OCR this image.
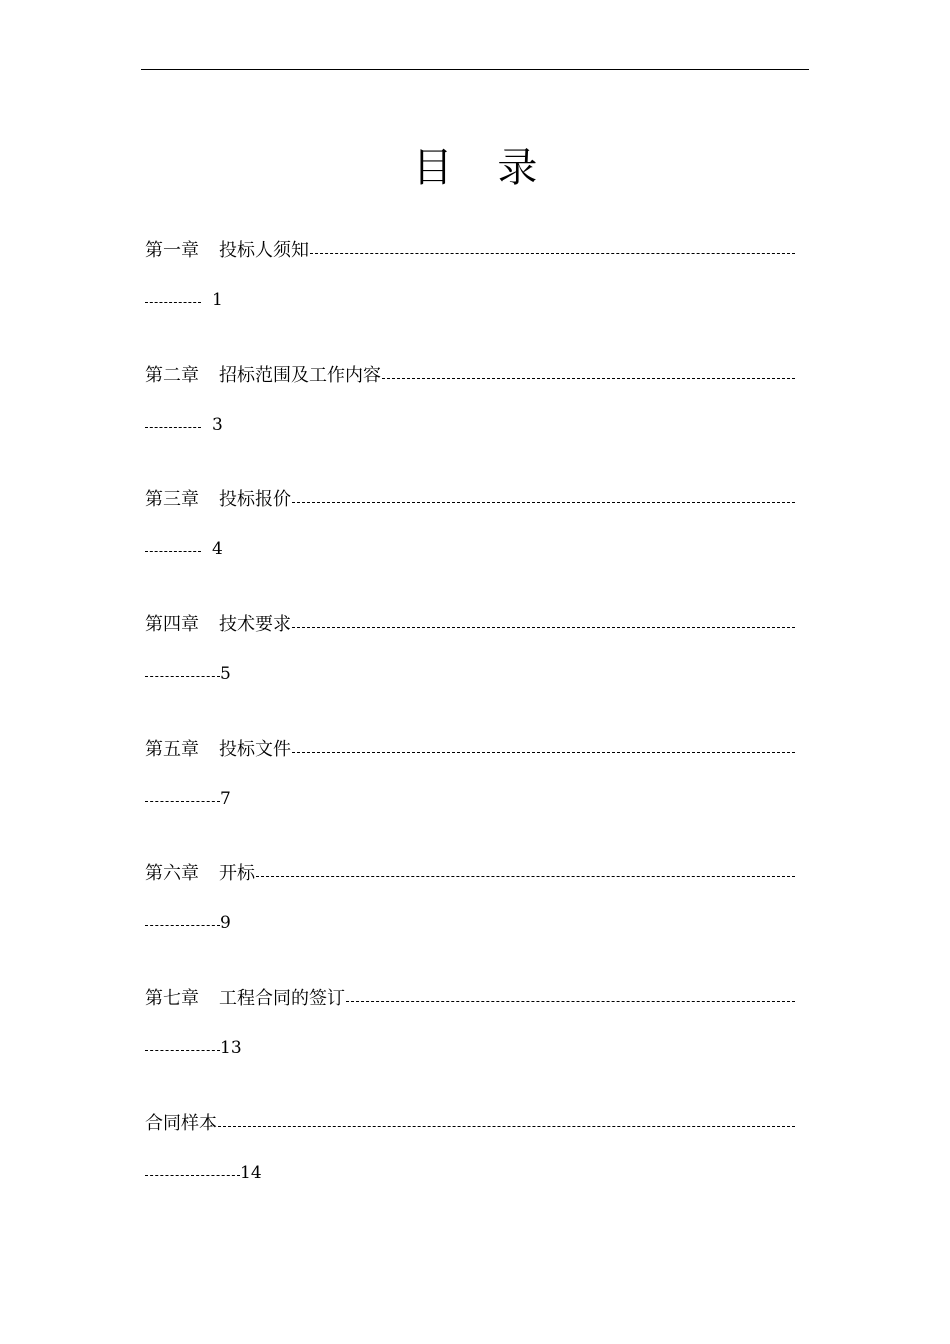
目 录
第一章 投标人须知
1
第二章 招标范围及工作内容
3
第三章 投标报价
4
第四章 技术要求
5
第五章 投标文件
7
第六章 开标
9
第七章 工程合同的签订
13
合同样本
14
